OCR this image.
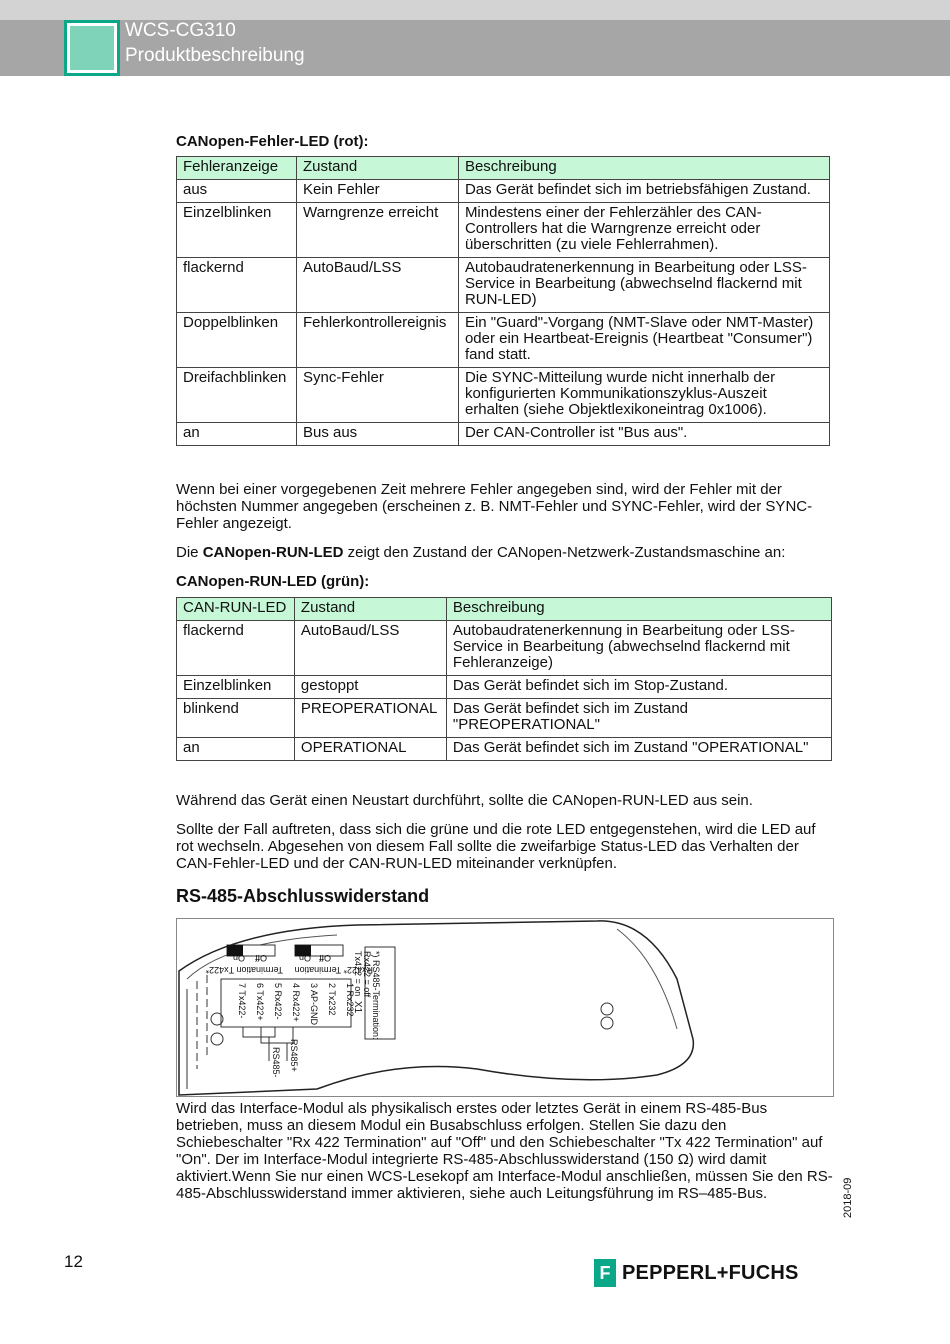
WCS-CG310
Produktbeschreibung
CANopen-Fehler-LED (rot):
Fehleranzeige	Zustand	Beschreibung
aus	Kein Fehler	Das Gerät befindet sich im betriebsfähigen Zustand.
Einzelblinken	Warngrenze erreicht	Mindestens einer der Fehlerzähler des CAN-Controllers hat die Warngrenze erreicht oder überschritten (zu viele Fehlerrahmen).
flackernd	AutoBaud/LSS	Autobaudratenerkennung in Bearbeitung oder LSS-Service in Bearbeitung (abwechselnd flackernd mit RUN-LED)
Doppelblinken	Fehlerkontrollereignis	Ein "Guard"-Vorgang (NMT-Slave oder NMT-Master) oder ein Heartbeat-Ereignis (Heartbeat "Consumer") fand statt.
Dreifachblinken	Sync-Fehler	Die SYNC-Mitteilung wurde nicht innerhalb der konfigurierten Kommunikationszyklus-Auszeit erhalten (siehe Objektlexikoneintrag 0x1006).
an	Bus aus	Der CAN-Controller ist "Bus aus".
Wenn bei einer vorgegebenen Zeit mehrere Fehler angegeben sind, wird der Fehler mit der höchsten Nummer angegeben (erscheinen z. B. NMT-Fehler und SYNC-Fehler, wird der SYNC-Fehler angezeigt.
Die CANopen-RUN-LED zeigt den Zustand der CANopen-Netzwerk-Zustandsmaschine an:
CANopen-RUN-LED (grün):
CAN-RUN-LED	Zustand	Beschreibung
flackernd	AutoBaud/LSS	Autobaudratenerkennung in Bearbeitung oder LSS-Service in Bearbeitung (abwechselnd flackernd mit Fehleranzeige)
Einzelblinken	gestoppt	Das Gerät befindet sich im Stop-Zustand.
blinkend	PREOPERATIONAL	Das Gerät befindet sich im Zustand "PREOPERATIONAL"
an	OPERATIONAL	Das Gerät befindet sich im Zustand "OPERATIONAL"
Während das Gerät einen Neustart durchführt, sollte die CANopen-RUN-LED aus sein.
Sollte der Fall auftreten, dass sich die grüne und die rote LED entgegenstehen, wird die LED auf rot wechseln. Abgesehen von diesem Fall sollte die zweifarbige Status-LED das Verhalten der CAN-Fehler-LED und der CAN-RUN-LED miteinander verknüpfen.
RS-485-Abschlusswiderstand
Off
On	Off
On
Termination Tx422* Rx422* Termination
*) RS485-Termination:
Rx422 = off
Tx422 = on
X1
1 Rx232
2 Tx232
3 AP-GND
4 Rx422+
5 Rx422-
6 Tx422+
7 Tx422-
RS485- RS485+
Wird das Interface-Modul als physikalisch erstes oder letztes Gerät in einem RS-485-Bus betrieben, muss an diesem Modul ein Busabschluss erfolgen. Stellen Sie dazu den Schiebeschalter "Rx 422 Termination" auf "Off" und den Schiebeschalter "Tx 422 Termination" auf "On". Der im Interface-Modul integrierte RS-485-Abschlusswiderstand (150 Ω) wird damit aktiviert.Wenn Sie nur einen WCS-Lesekopf am Interface-Modul anschließen, müssen Sie den RS-485-Abschlusswiderstand immer aktivieren, siehe auch Leitungsführung im RS–485-Bus.
12
2018-09
F PEPPERL+FUCHS
